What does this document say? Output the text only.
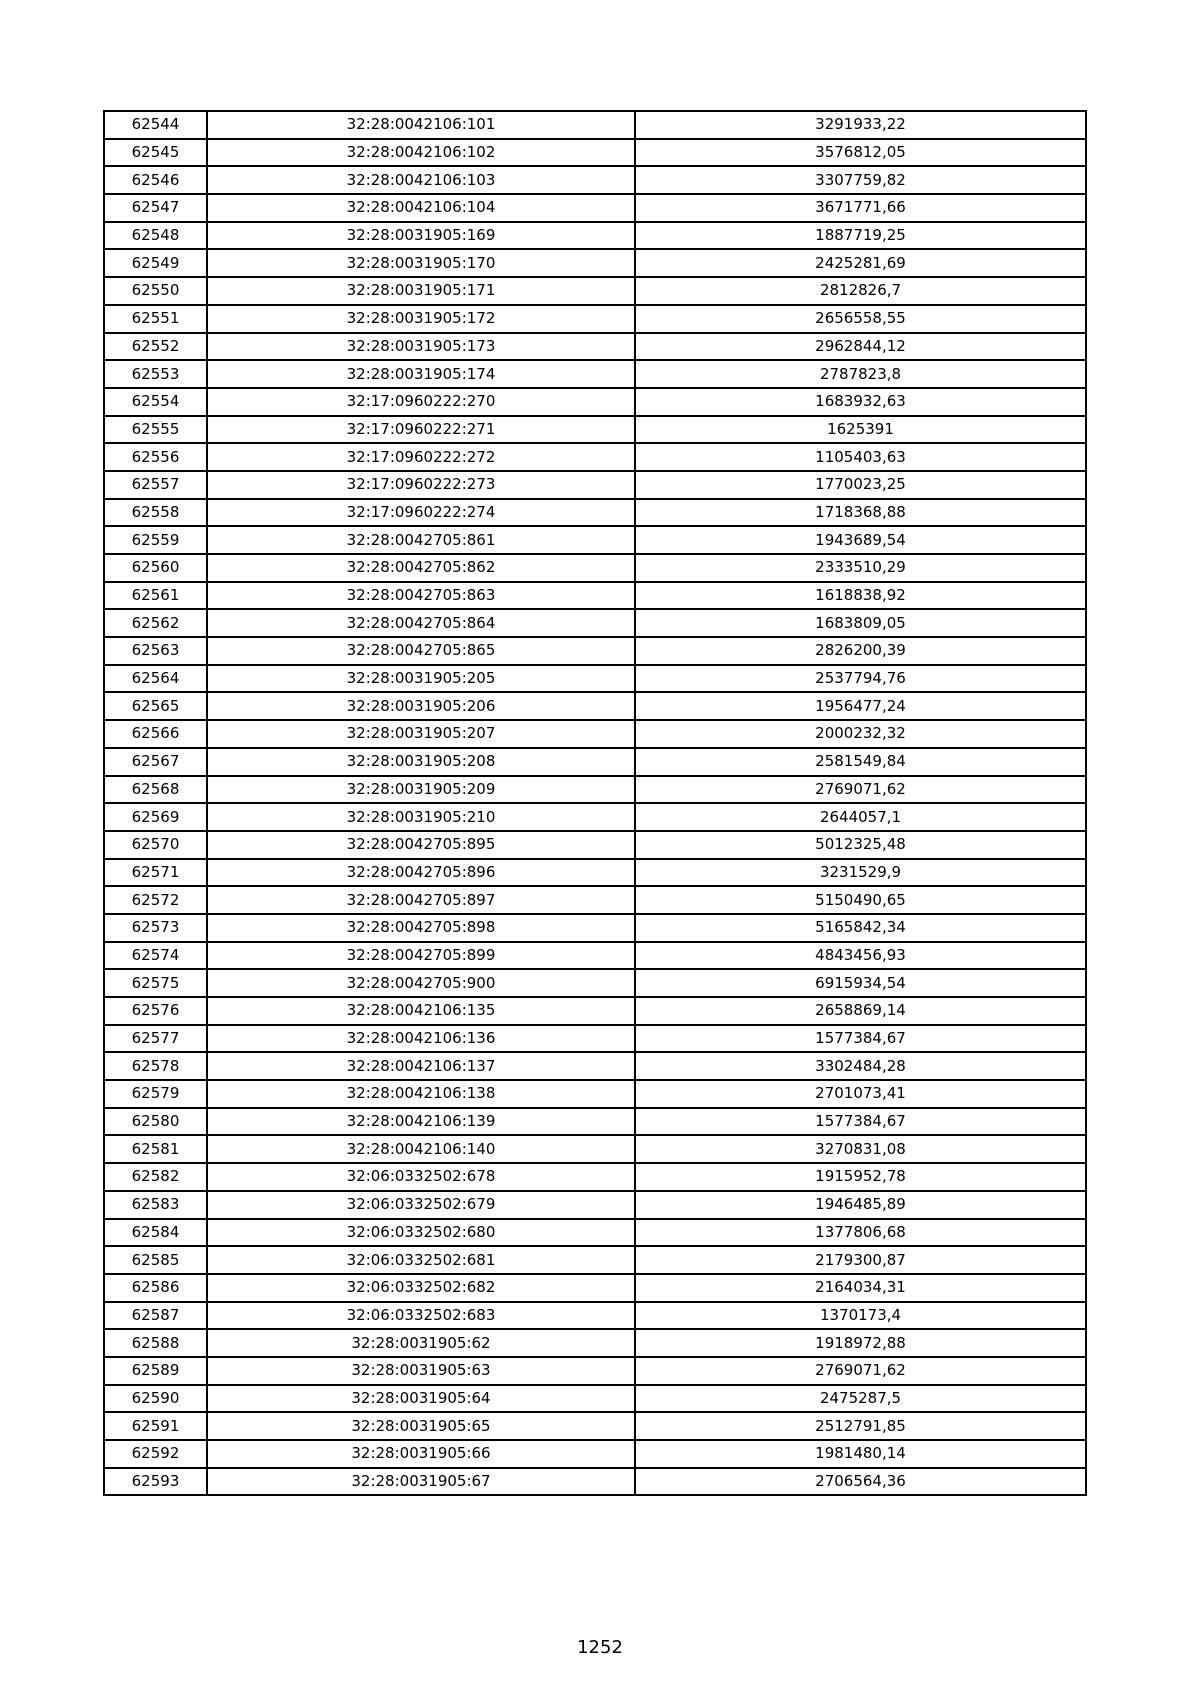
62544	32:28:0042106:101	3291933,22
62545	32:28:0042106:102	3576812,05
62546	32:28:0042106:103	3307759,82
62547	32:28:0042106:104	3671771,66
62548	32:28:0031905:169	1887719,25
62549	32:28:0031905:170	2425281,69
62550	32:28:0031905:171	2812826,7
62551	32:28:0031905:172	2656558,55
62552	32:28:0031905:173	2962844,12
62553	32:28:0031905:174	2787823,8
62554	32:17:0960222:270	1683932,63
62555	32:17:0960222:271	1625391
62556	32:17:0960222:272	1105403,63
62557	32:17:0960222:273	1770023,25
62558	32:17:0960222:274	1718368,88
62559	32:28:0042705:861	1943689,54
62560	32:28:0042705:862	2333510,29
62561	32:28:0042705:863	1618838,92
62562	32:28:0042705:864	1683809,05
62563	32:28:0042705:865	2826200,39
62564	32:28:0031905:205	2537794,76
62565	32:28:0031905:206	1956477,24
62566	32:28:0031905:207	2000232,32
62567	32:28:0031905:208	2581549,84
62568	32:28:0031905:209	2769071,62
62569	32:28:0031905:210	2644057,1
62570	32:28:0042705:895	5012325,48
62571	32:28:0042705:896	3231529,9
62572	32:28:0042705:897	5150490,65
62573	32:28:0042705:898	5165842,34
62574	32:28:0042705:899	4843456,93
62575	32:28:0042705:900	6915934,54
62576	32:28:0042106:135	2658869,14
62577	32:28:0042106:136	1577384,67
62578	32:28:0042106:137	3302484,28
62579	32:28:0042106:138	2701073,41
62580	32:28:0042106:139	1577384,67
62581	32:28:0042106:140	3270831,08
62582	32:06:0332502:678	1915952,78
62583	32:06:0332502:679	1946485,89
62584	32:06:0332502:680	1377806,68
62585	32:06:0332502:681	2179300,87
62586	32:06:0332502:682	2164034,31
62587	32:06:0332502:683	1370173,4
62588	32:28:0031905:62	1918972,88
62589	32:28:0031905:63	2769071,62
62590	32:28:0031905:64	2475287,5
62591	32:28:0031905:65	2512791,85
62592	32:28:0031905:66	1981480,14
62593	32:28:0031905:67	2706564,36
1252
